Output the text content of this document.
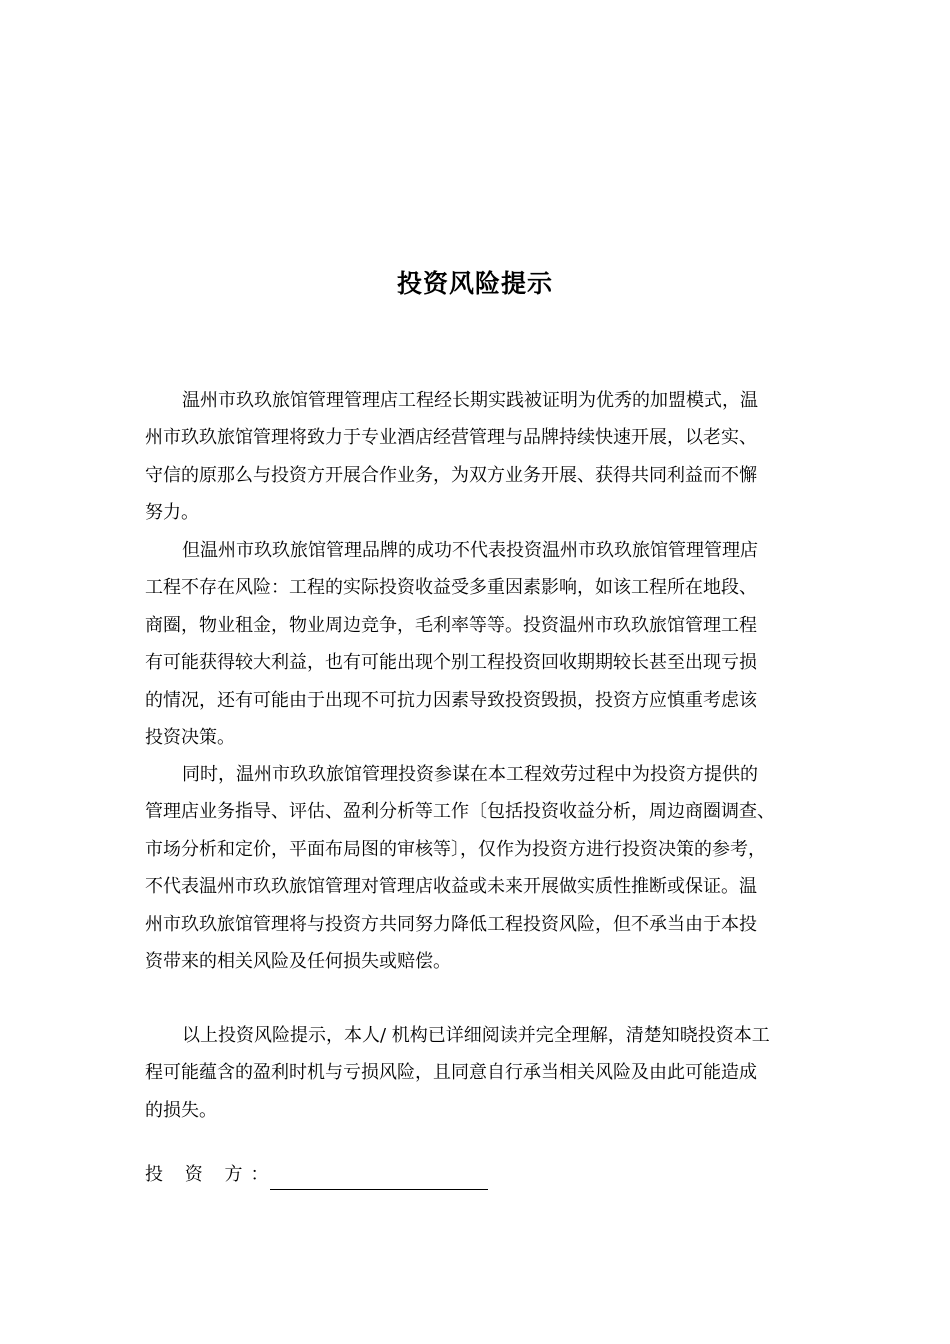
投资风险提示

温州市玖玖旅馆管理管理店工程经长期实践被证明为优秀的加盟模式，温
州市玖玖旅馆管理将致力于专业酒店经营管理与品牌持续快速开展，以老实、
守信的原那么与投资方开展合作业务，为双方业务开展、获得共同利益而不懈
努力。

但温州市玖玖旅馆管理品牌的成功不代表投资温州市玖玖旅馆管理管理店
工程不存在风险：工程的实际投资收益受多重因素影响，如该工程所在地段、
商圈，物业租金，物业周边竞争，毛利率等等。投资温州市玖玖旅馆管理工程
有可能获得较大利益，也有可能出现个别工程投资回收期期较长甚至出现亏损
的情况，还有可能由于出现不可抗力因素导致投资毁损，投资方应慎重考虑该
投资决策。

同时，温州市玖玖旅馆管理投资参谋在本工程效劳过程中为投资方提供的
管理店业务指导、评估、盈利分析等工作〔包括投资收益分析，周边商圈调查、
市场分析和定价，平面布局图的审核等〕，仅作为投资方进行投资决策的参考，
不代表温州市玖玖旅馆管理对管理店收益或未来开展做实质性推断或保证。温
州市玖玖旅馆管理将与投资方共同努力降低工程投资风险，但不承当由于本投
资带来的相关风险及任何损失或赔偿。

以上投资风险提示，本人/ 机构已详细阅读并完全理解，清楚知晓投资本工
程可能蕴含的盈利时机与亏损风险，且同意自行承当相关风险及由此可能造成
的损失。

投 资 方：
